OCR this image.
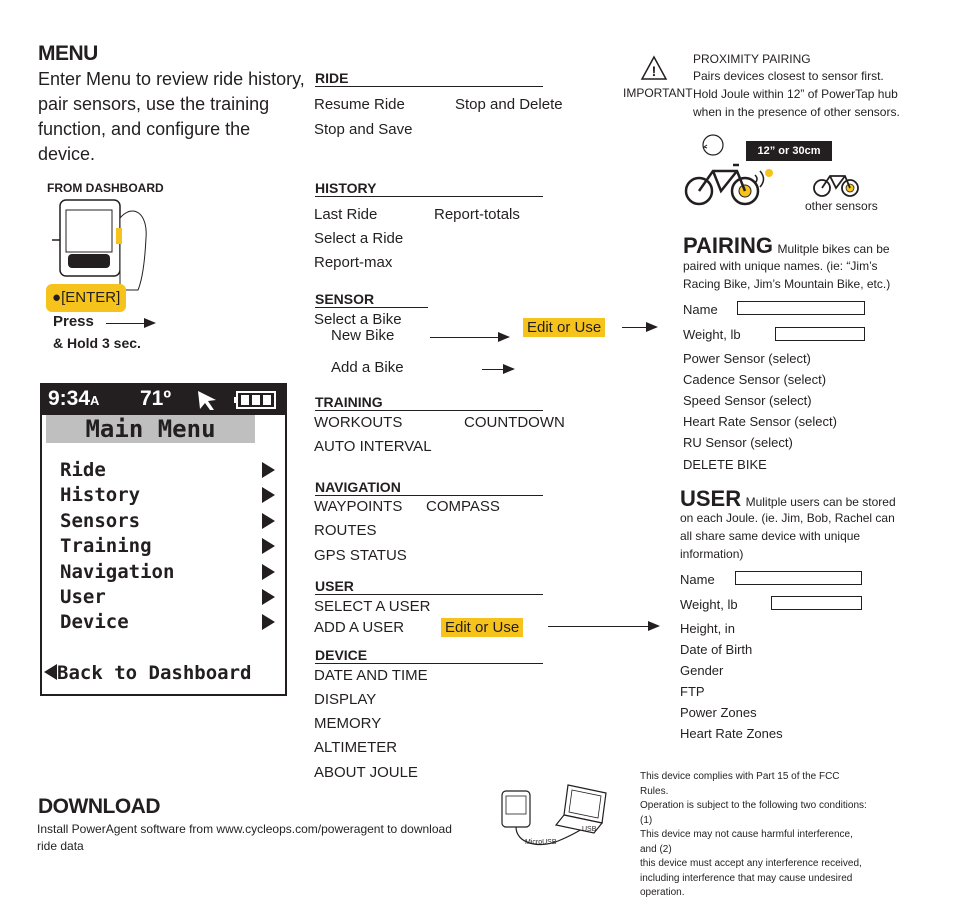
MENU
Enter Menu to review ride history, pair sensors, use the training function, and configure the device.
FROM DASHBOARD
●[ENTER]
Press
& Hold 3 sec.
9:34A 71º
Main Menu
Ride
History
Sensors
Training
Navigation
User
Device
Back to Dashboard
RIDE
Resume Ride	Stop and Delete
Stop and Save
HISTORY
Last Ride	Report-totals
Select a Ride
Report-max
SENSOR
Select a Bike
New Bike
Add a Bike
Edit or Use
TRAINING
WORKOUTS	COUNTDOWN
AUTO INTERVAL
NAVIGATION
WAYPOINTS COMPASS
ROUTES
GPS STATUS
USER
SELECT A USER
ADD A USER	Edit or Use
DEVICE
DATE AND TIME
DISPLAY
MEMORY
ALTIMETER
ABOUT JOULE
!
IMPORTANT
PROXIMITY PAIRING
Pairs devices closest to sensor first.
Hold Joule within 12” of PowerTap hub
when in the presence of other sensors.
12” or 30cm
other sensors
PAIRING Mulitple bikes can be
paired with unique names. (ie: “Jim’s
Racing Bike, Jim’s Mountain Bike, etc.)
Name
Weight, lb
Power Sensor (select)
Cadence Sensor (select)
Speed Sensor (select)
Heart Rate Sensor (select)
RU Sensor (select)
DELETE BIKE
USER Mulitple users can be stored
on each Joule. (ie. Jim, Bob, Rachel can
all share same device with unique
information)
Name
Weight, lb
Height, in
Date of Birth
Gender
FTP
Power Zones
Heart Rate Zones
DOWNLOAD
Install PowerAgent software from www.cycleops.com/poweragent to download
ride data	MicroUSB
USB
This device complies with Part 15 of the FCC Rules.
Operation is subject to the following two conditions: (1)
This device may not cause harmful interference, and (2)
this device must accept any interference received,
including interference that may cause undesired
operation.
